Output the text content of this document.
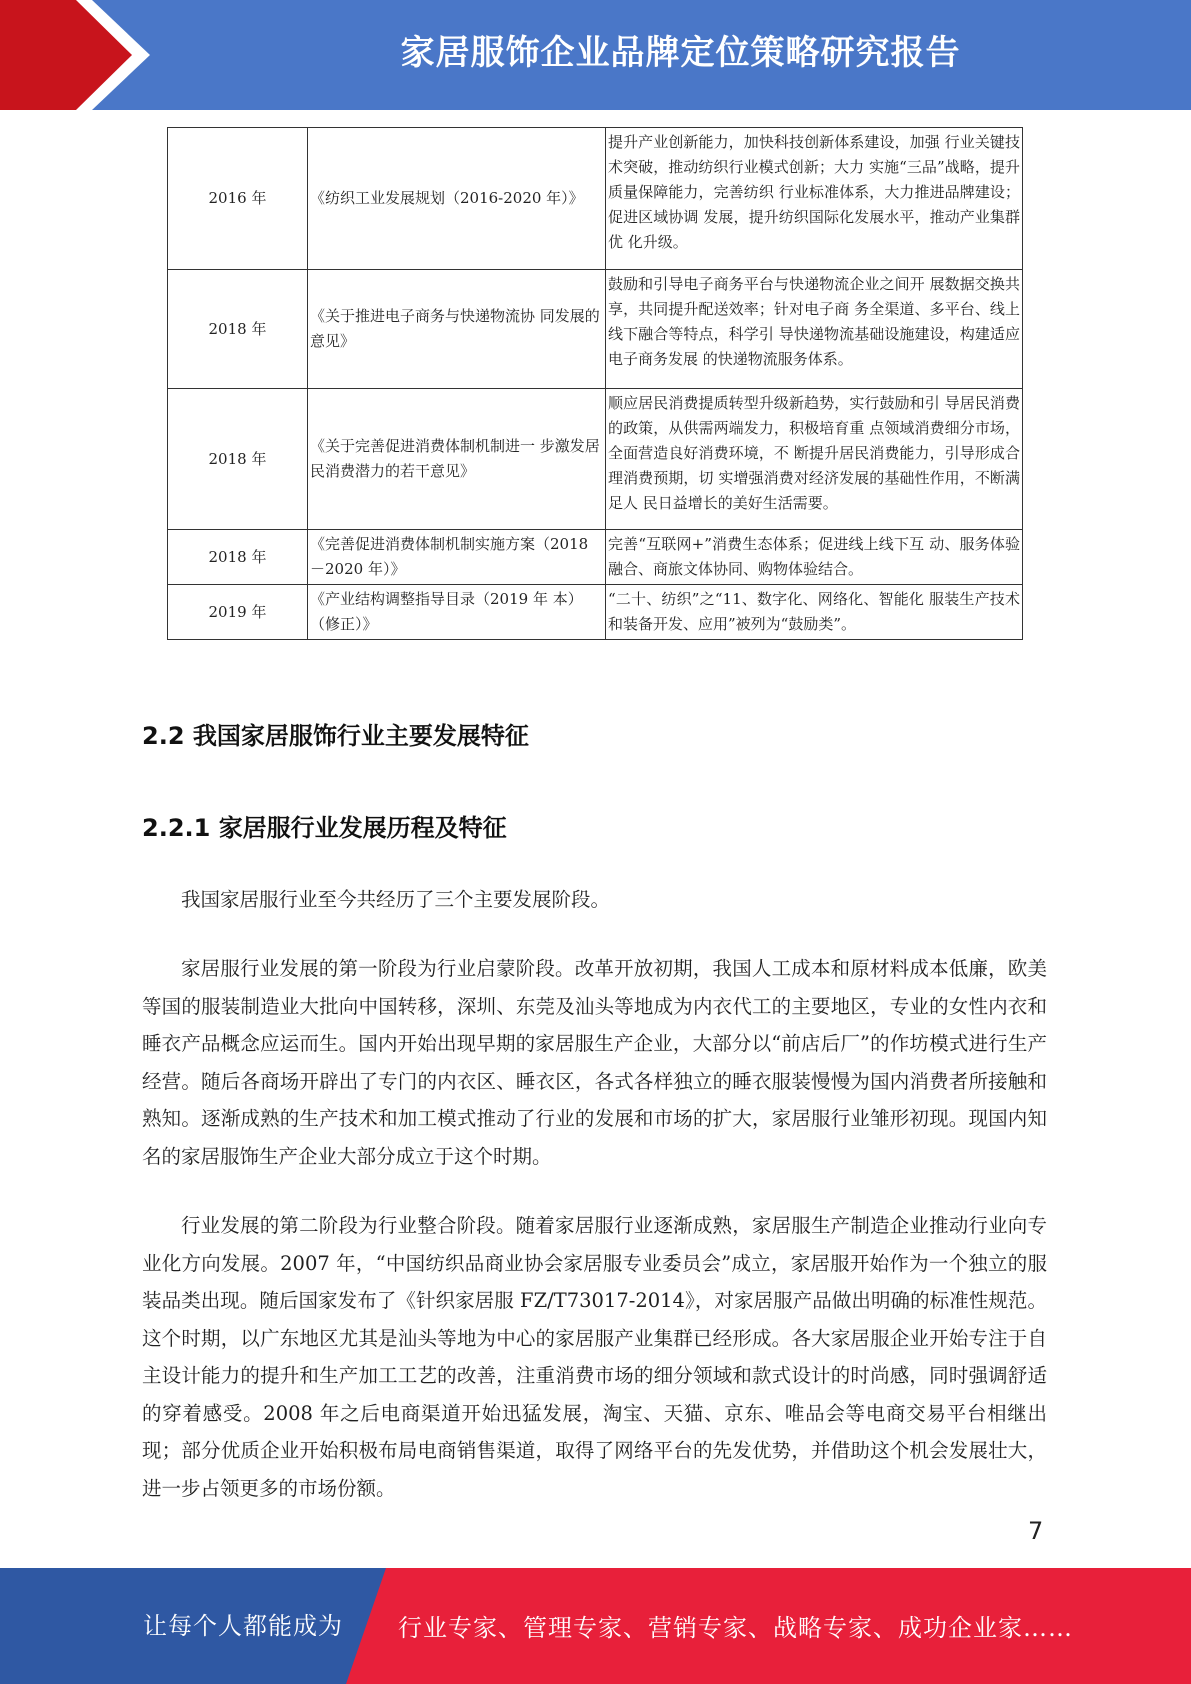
家居服饰企业品牌定位策略研究报告
2016 年	《纺织工业发展规划（2016-2020 年）》	提升产业创新能力，加快科技创新体系建设，加强 行业关键技术突破，推动纺织行业模式创新；大力 实施“三品”战略，提升质量保障能力，完善纺织 行业标准体系，大力推进品牌建设；促进区域协调 发展，提升纺织国际化发展水平，推动产业集群优 化升级。
2018 年	《关于推进电子商务与快递物流协 同发展的意见》	鼓励和引导电子商务平台与快递物流企业之间开 展数据交换共享，共同提升配送效率；针对电子商 务全渠道、多平台、线上线下融合等特点，科学引 导快递物流基础设施建设，构建适应电子商务发展 的快递物流服务体系。
2018 年	《关于完善促进消费体制机制进一 步激发居民消费潜力的若干意见》	顺应居民消费提质转型升级新趋势，实行鼓励和引 导居民消费的政策，从供需两端发力，积极培育重 点领域消费细分市场，全面营造良好消费环境，不 断提升居民消费能力，引导形成合理消费预期，切 实增强消费对经济发展的基础性作用，不断满足人 民日益增长的美好生活需要。
2018 年	《完善促进消费体制机制实施方案（2018－2020 年）》	完善“互联网+”消费生态体系；促进线上线下互 动、服务体验融合、商旅文体协同、购物体验结合。
2019 年	《产业结构调整指导目录（2019 年 本）（修正）》	“二十、纺织”之“11、数字化、网络化、智能化 服装生产技术和装备开发、应用”被列为“鼓励类”。
2.2 我国家居服饰行业主要发展特征
2.2.1 家居服行业发展历程及特征

我国家居服行业至今共经历了三个主要发展阶段。

家居服行业发展的第一阶段为行业启蒙阶段。改革开放初期，我国人工成本和原材料成本低廉，欧美等国的服装制造业大批向中国转移，深圳、东莞及汕头等地成为内衣代工的主要地区，专业的女性内衣和睡衣产品概念应运而生。国内开始出现早期的家居服生产企业，大部分以“前店后厂”的作坊模式进行生产经营。随后各商场开辟出了专门的内衣区、睡衣区，各式各样独立的睡衣服装慢慢为国内消费者所接触和熟知。逐渐成熟的生产技术和加工模式推动了行业的发展和市场的扩大，家居服行业雏形初现。现国内知名的家居服饰生产企业大部分成立于这个时期。

行业发展的第二阶段为行业整合阶段。随着家居服行业逐渐成熟，家居服生产制造企业推动行业向专业化方向发展。2007 年，“中国纺织品商业协会家居服专业委员会”成立，家居服开始作为一个独立的服装品类出现。随后国家发布了《针织家居服 FZ/T73017-2014》，对家居服产品做出明确的标准性规范。这个时期，以广东地区尤其是汕头等地为中心的家居服产业集群已经形成。各大家居服企业开始专注于自主设计能力的提升和生产加工工艺的改善，注重消费市场的细分领域和款式设计的时尚感，同时强调舒适的穿着感受。2008 年之后电商渠道开始迅猛发展，淘宝、天猫、京东、唯品会等电商交易平台相继出现；部分优质企业开始积极布局电商销售渠道，取得了网络平台的先发优势，并借助这个机会发展壮大，进一步占领更多的市场份额。

7
让每个人都能成为 行业专家、管理专家、营销专家、战略专家、成功企业家……
